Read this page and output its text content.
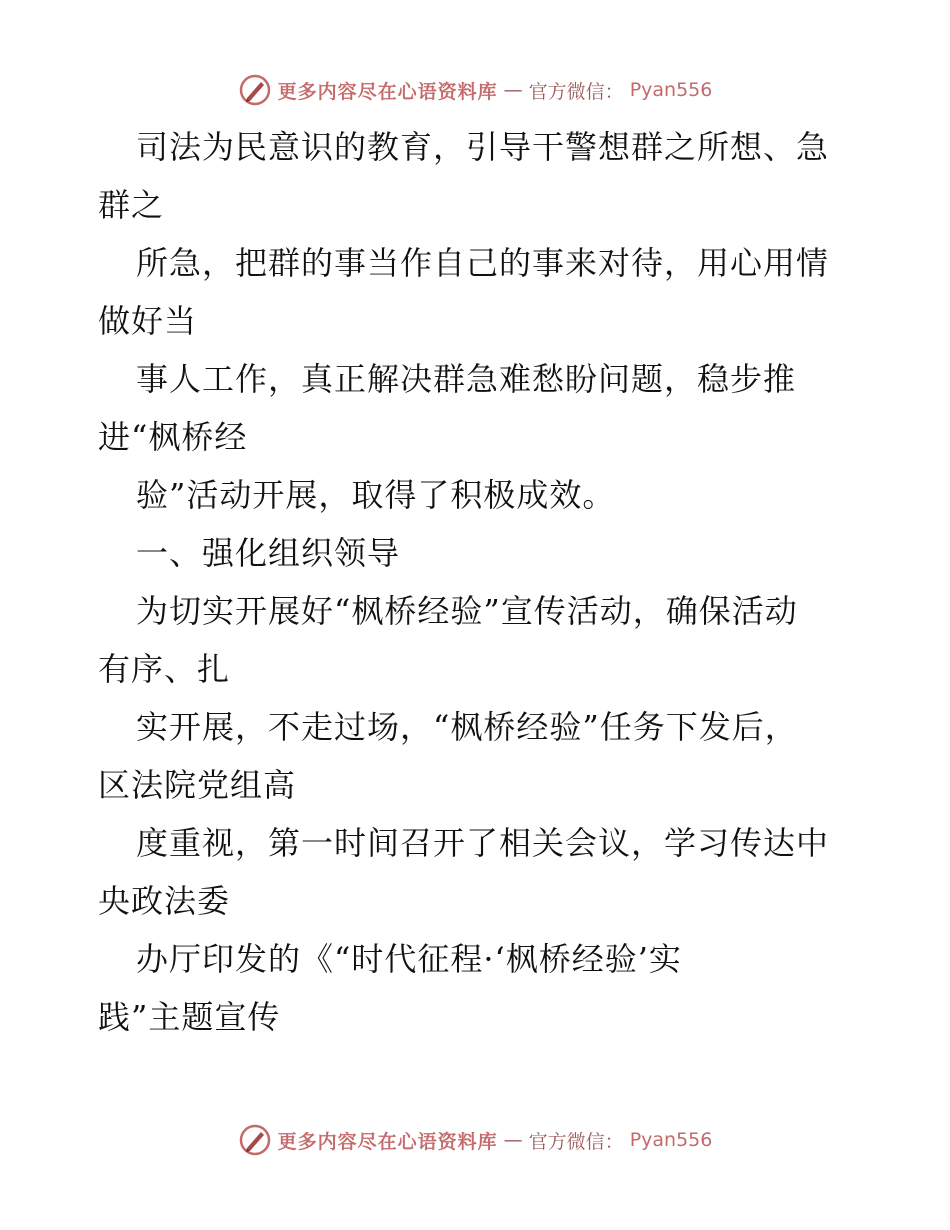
更多内容尽在心语资料库 — 官方微信： Pyan556
司法为民意识的教育，引导干警想群之所想、急
群之
所急，把群的事当作自己的事来对待，用心用情
做好当
事人工作，真正解决群急难愁盼问题，稳步推
进“枫桥经
验”活动开展，取得了积极成效。
一、强化组织领导
为切实开展好“枫桥经验”宣传活动，确保活动
有序、扎
实开展，不走过场，“枫桥经验”任务下发后，
区法院党组高
度重视，第一时间召开了相关会议，学习传达中
央政法委
办厅印发的《“时代征程·‘枫桥经验’实
践”主题宣传
更多内容尽在心语资料库 — 官方微信： Pyan556
